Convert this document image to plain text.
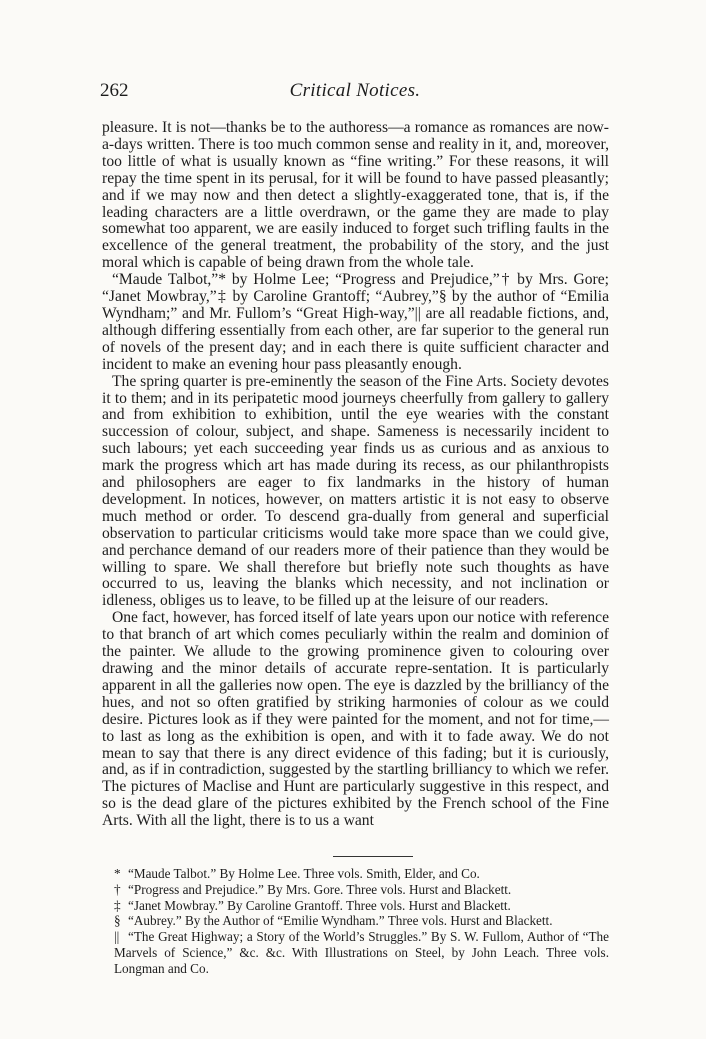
262	Critical Notices.

pleasure. It is not—thanks be to the authoress—a romance as romances are now-a-days written. There is too much common sense and reality in it, and, moreover, too little of what is usually known as “fine writing.” For these reasons, it will repay the time spent in its perusal, for it will be found to have passed pleasantly; and if we may now and then detect a slightly-exaggerated tone, that is, if the leading characters are a little overdrawn, or the game they are made to play somewhat too apparent, we are easily induced to forget such trifling faults in the excellence of the general treatment, the probability of the story, and the just moral which is capable of being drawn from the whole tale.

“Maude Talbot,”* by Holme Lee; “Progress and Prejudice,”† by Mrs. Gore; “Janet Mowbray,”‡ by Caroline Grantoff; “Aubrey,”§ by the author of “Emilia Wyndham;” and Mr. Fullom’s “Great High-way,”|| are all readable fictions, and, although differing essentially from each other, are far superior to the general run of novels of the present day; and in each there is quite sufficient character and incident to make an evening hour pass pleasantly enough.

The spring quarter is pre-eminently the season of the Fine Arts. Society devotes it to them; and in its peripatetic mood journeys cheerfully from gallery to gallery and from exhibition to exhibition, until the eye wearies with the constant succession of colour, subject, and shape. Sameness is necessarily incident to such labours; yet each succeeding year finds us as curious and as anxious to mark the progress which art has made during its recess, as our philanthropists and philosophers are eager to fix landmarks in the history of human development. In notices, however, on matters artistic it is not easy to observe much method or order. To descend gra-dually from general and superficial observation to particular criticisms would take more space than we could give, and perchance demand of our readers more of their patience than they would be willing to spare. We shall therefore but briefly note such thoughts as have occurred to us, leaving the blanks which necessity, and not inclination or idleness, obliges us to leave, to be filled up at the leisure of our readers.

One fact, however, has forced itself of late years upon our notice with reference to that branch of art which comes peculiarly within the realm and dominion of the painter. We allude to the growing prominence given to colouring over drawing and the minor details of accurate repre-sentation. It is particularly apparent in all the galleries now open. The eye is dazzled by the brilliancy of the hues, and not so often gratified by striking harmonies of colour as we could desire. Pictures look as if they were painted for the moment, and not for time,—to last as long as the exhibition is open, and with it to fade away. We do not mean to say that there is any direct evidence of this fading; but it is curiously, and, as if in contradiction, suggested by the startling brilliancy to which we refer. The pictures of Maclise and Hunt are particularly suggestive in this respect, and so is the dead glare of the pictures exhibited by the French school of the Fine Arts. With all the light, there is to us a want

* “Maude Talbot.” By Holme Lee. Three vols. Smith, Elder, and Co.

† “Progress and Prejudice.” By Mrs. Gore. Three vols. Hurst and Blackett.

‡ “Janet Mowbray.” By Caroline Grantoff. Three vols. Hurst and Blackett.

§ “Aubrey.” By the Author of “Emilie Wyndham.” Three vols. Hurst and Blackett.

|| “The Great Highway; a Story of the World’s Struggles.” By S. W. Fullom, Author of “The Marvels of Science,” &c. &c. With Illustrations on Steel, by John Leach. Three vols. Longman and Co.
